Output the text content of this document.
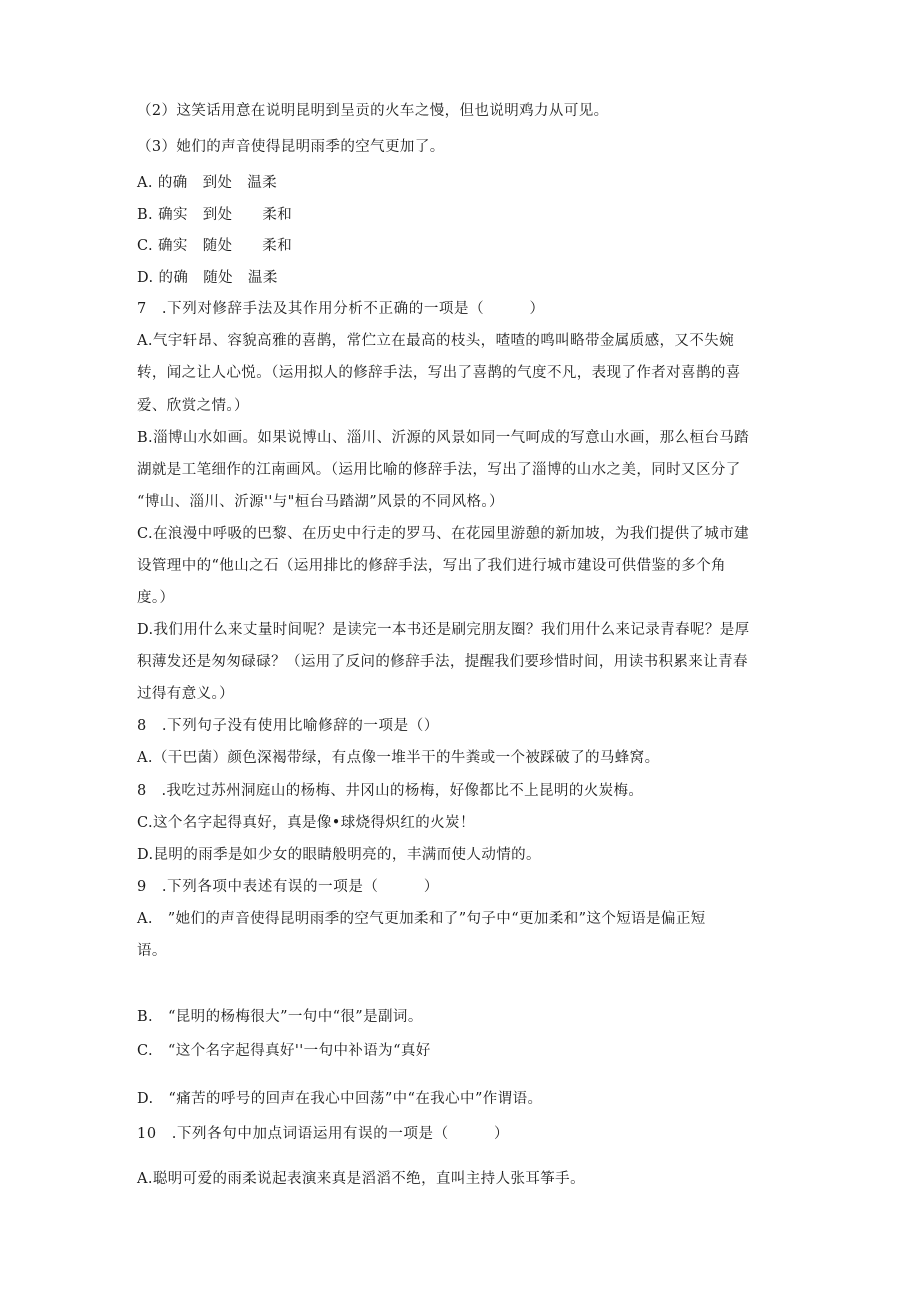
（2）这笑话用意在说明昆明到呈贡的火车之慢，但也说明鸡力从可见。
（3）她们的声音使得昆明雨季的空气更加了。
A. 的确　到处　温柔
B. 确实　到处　　柔和
C. 确实　随处　　柔和
D. 的确　随处　温柔
7　.下列对修辞手法及其作用分析不正确的一项是（　　　）
A.气宇轩昂、容貌高雅的喜鹊，常伫立在最高的枝头，喳喳的鸣叫略带金属质感，又不失婉
转，闻之让人心悦。（运用拟人的修辞手法，写出了喜鹊的气度不凡，表现了作者对喜鹊的喜
爱、欣赏之情。）
B.淄博山水如画。如果说博山、淄川、沂源的风景如同一气呵成的写意山水画，那么桓台马踏
湖就是工笔细作的江南画风。（运用比喻的修辞手法，写出了淄博的山水之美，同时又区分了
“博山、淄川、沂源''与"桓台马踏湖”风景的不同风格。）
C.在浪漫中呼吸的巴黎、在历史中行走的罗马、在花园里游憩的新加坡，为我们提供了城市建
设管理中的“他山之石（运用排比的修辞手法，写出了我们进行城市建设可供借鉴的多个角
度。）
D.我们用什么来丈量时间呢？是读完一本书还是刷完朋友圈？我们用什么来记录青春呢？是厚
积薄发还是匆匆碌碌？（运用了反问的修辞手法，提醒我们要珍惜时间，用读书积累来让青春
过得有意义。）
8　.下列句子没有使用比喻修辞的一项是（）
A.（干巴菌）颜色深褐带绿，有点像一堆半干的牛粪或一个被踩破了的马蜂窝。
8　.我吃过苏州洞庭山的杨梅、井冈山的杨梅，好像都比不上昆明的火炭梅。
C.这个名字起得真好，真是像•球烧得炽红的火炭！
D.昆明的雨季是如少女的眼睛般明亮的，丰满而使人动情的。
9　.下列各项中表述有误的一项是（　　　）
A.　”她们的声音使得昆明雨季的空气更加柔和了”句子中“更加柔和”这个短语是偏正短
语。
B.　“昆明的杨梅很大”一句中“很”是副词。
C.　“这个名字起得真好''一句中补语为“真好
D.　“痛苦的呼号的回声在我心中回荡”中“在我心中”作谓语。
10　.下列各句中加点词语运用有误的一项是（　　　）
A.聪明可爱的雨柔说起表演来真是滔滔不绝，直叫主持人张耳筝手。
